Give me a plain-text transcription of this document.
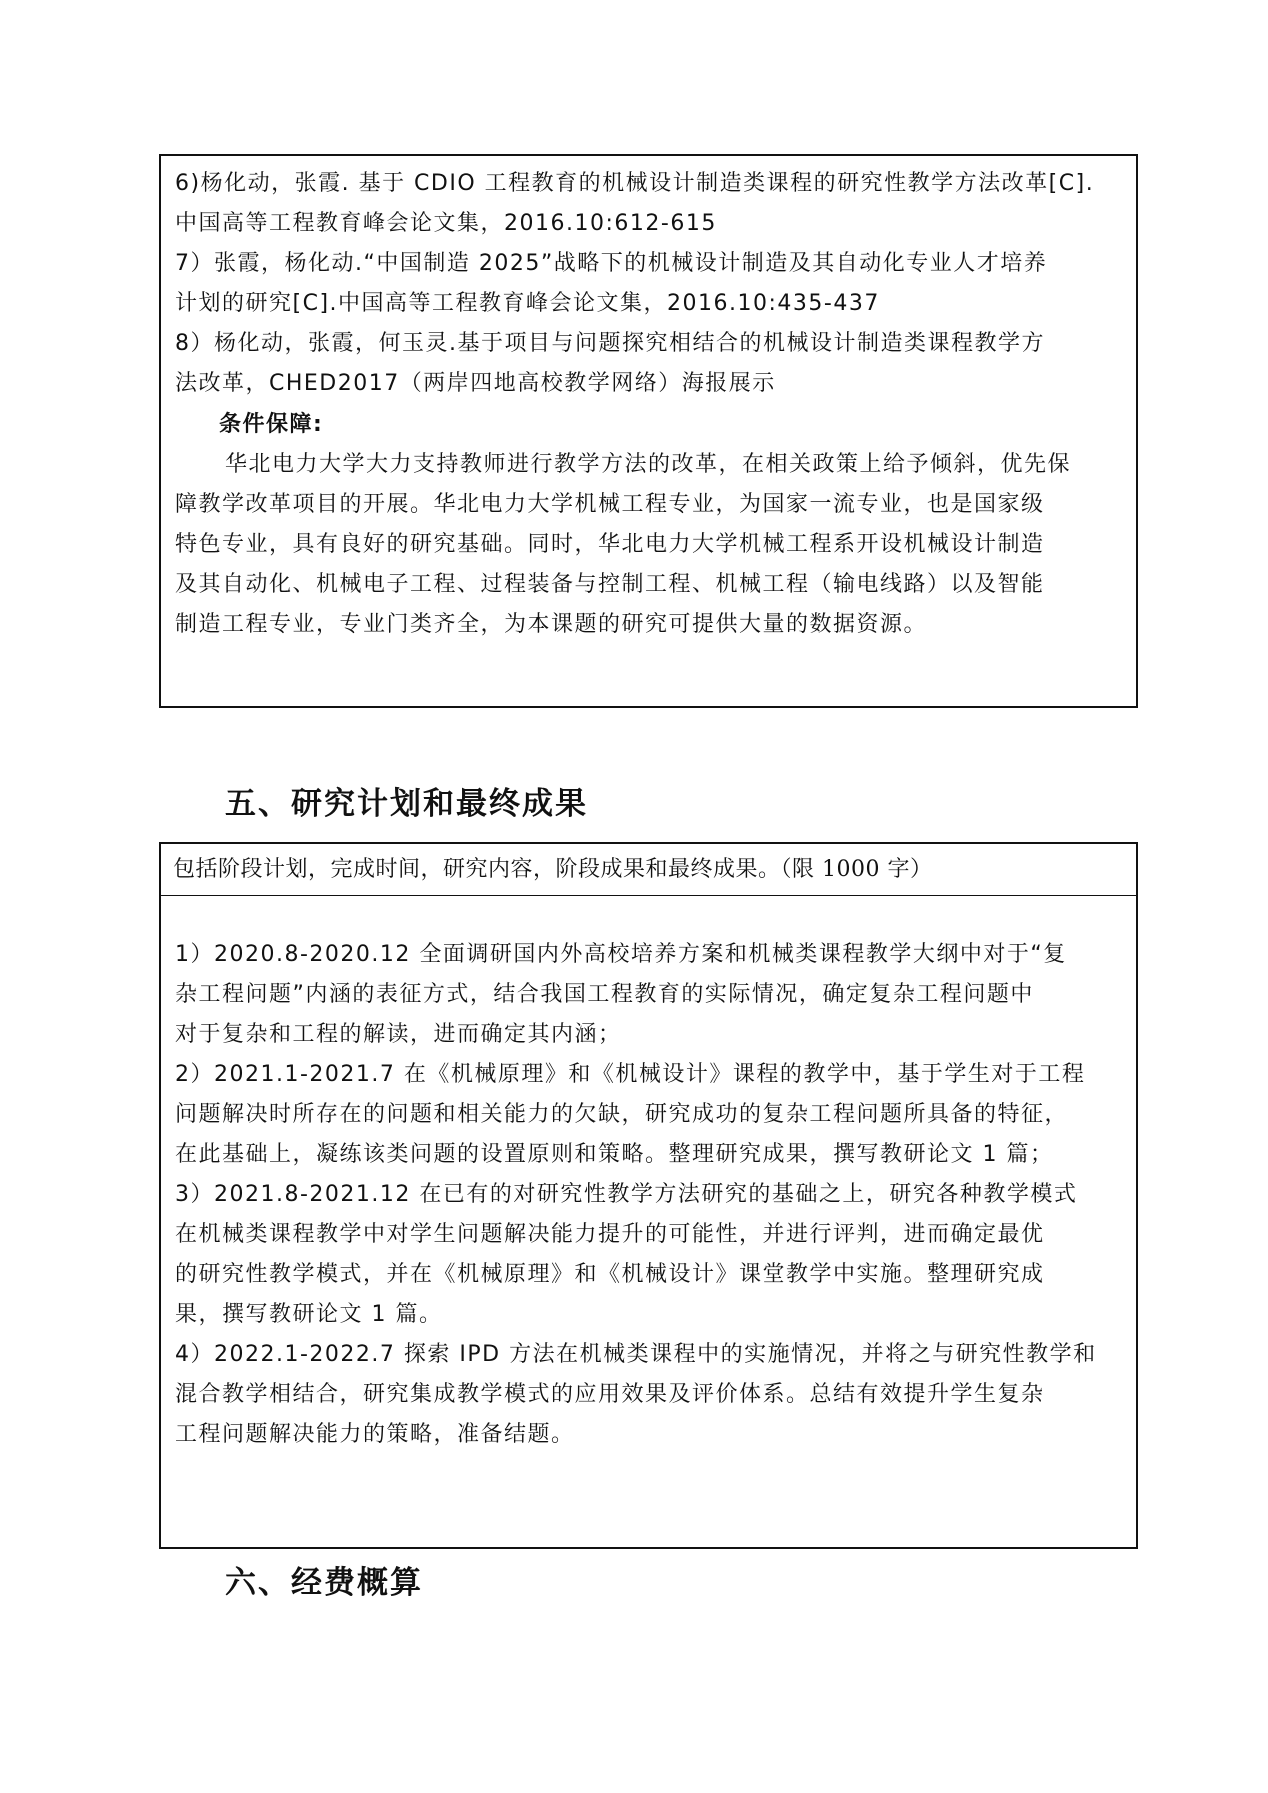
6)杨化动，张霞. 基于 CDIO 工程教育的机械设计制造类课程的研究性教学方法改革[C].
中国高等工程教育峰会论文集，2016.10:612-615
7）张霞，杨化动.“中国制造 2025”战略下的机械设计制造及其自动化专业人才培养
计划的研究[C].中国高等工程教育峰会论文集，2016.10:435-437
8）杨化动，张霞，何玉灵.基于项目与问题探究相结合的机械设计制造类课程教学方
法改革，CHED2017（两岸四地高校教学网络）海报展示
条件保障:
华北电力大学大力支持教师进行教学方法的改革，在相关政策上给予倾斜，优先保
障教学改革项目的开展。华北电力大学机械工程专业，为国家一流专业，也是国家级
特色专业，具有良好的研究基础。同时，华北电力大学机械工程系开设机械设计制造
及其自动化、机械电子工程、过程装备与控制工程、机械工程（输电线路）以及智能
制造工程专业，专业门类齐全，为本课题的研究可提供大量的数据资源。
五、研究计划和最终成果
包括阶段计划，完成时间，研究内容，阶段成果和最终成果。（限 1000 字）
1）2020.8-2020.12 全面调研国内外高校培养方案和机械类课程教学大纲中对于“复
杂工程问题”内涵的表征方式，结合我国工程教育的实际情况，确定复杂工程问题中
对于复杂和工程的解读，进而确定其内涵；
2）2021.1-2021.7 在《机械原理》和《机械设计》课程的教学中，基于学生对于工程
问题解决时所存在的问题和相关能力的欠缺，研究成功的复杂工程问题所具备的特征，
在此基础上，凝练该类问题的设置原则和策略。整理研究成果，撰写教研论文 1 篇；
3）2021.8-2021.12 在已有的对研究性教学方法研究的基础之上，研究各种教学模式
在机械类课程教学中对学生问题解决能力提升的可能性，并进行评判，进而确定最优
的研究性教学模式，并在《机械原理》和《机械设计》课堂教学中实施。整理研究成
果，撰写教研论文 1 篇。
4）2022.1-2022.7 探索 IPD 方法在机械类课程中的实施情况，并将之与研究性教学和
混合教学相结合，研究集成教学模式的应用效果及评价体系。总结有效提升学生复杂
工程问题解决能力的策略，准备结题。
六、经费概算
